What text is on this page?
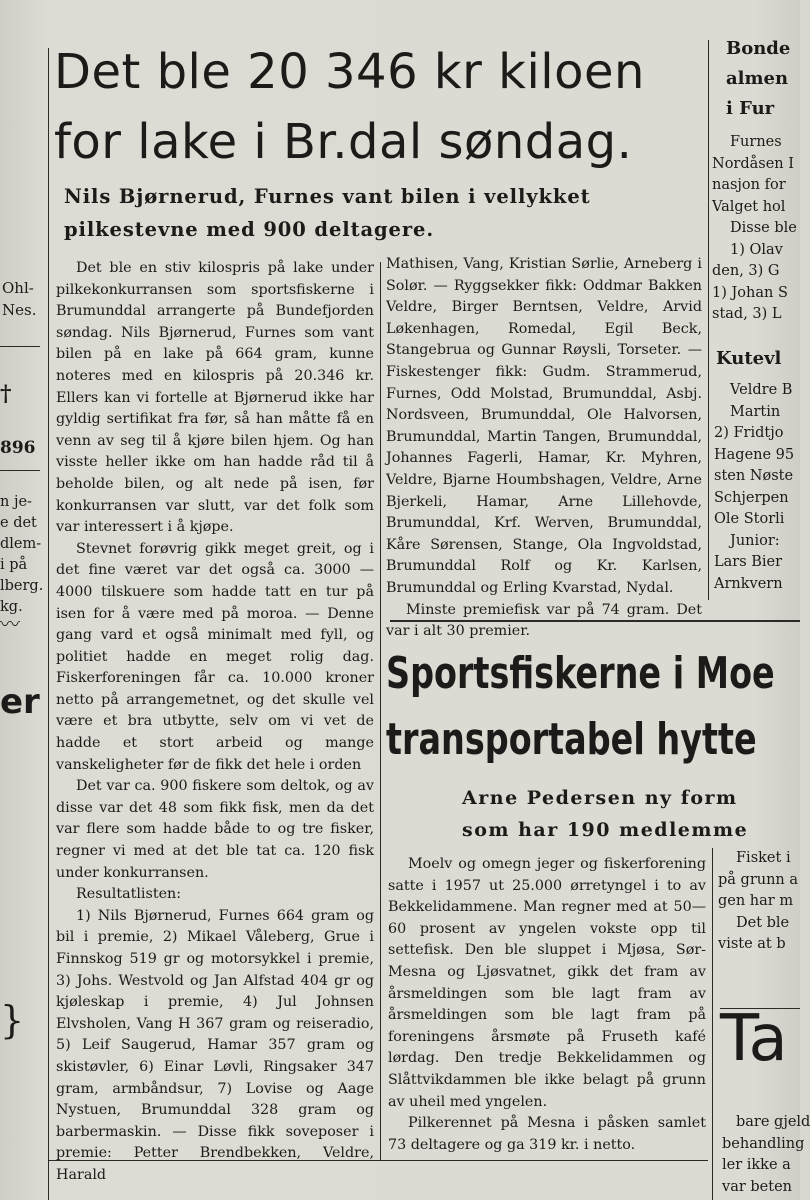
Ohl-
Nes.
†
896
n je-
e det
dlem-
i på
lberg.
kg.
〰
er
}
Det ble 20 346 kr kiloen
for lake i Br.dal søndag.
Nils Bjørnerud, Furnes vant bilen i vellykket
pilkestevne med 900 deltagere.

Det ble en stiv kilospris på lake under pilkekonkurransen som sportsfiskerne i Brumunddal arrangerte på Bundefjorden søndag. Nils Bjørnerud, Furnes som vant bilen på en lake på 664 gram, kunne noteres med en kilospris på 20.346 kr. Ellers kan vi fortelle at Bjørnerud ikke har gyldig sertifikat fra før, så han måtte få en venn av seg til å kjøre bilen hjem. Og han visste heller ikke om han hadde råd til å beholde bilen, og alt nede på isen, før konkurransen var slutt, var det folk som var interessert i å kjøpe.

Stevnet forøvrig gikk meget greit, og i det fine været var det også ca. 3000 —4000 tilskuere som hadde tatt en tur på isen for å være med på moroa. — Denne gang vard et også minimalt med fyll, og politiet hadde en meget rolig dag. Fiskerforeningen får ca. 10.000 kroner netto på arrangemetnet, og det skulle vel være et bra utbytte, selv om vi vet de hadde et stort arbeid og mange vanskeligheter før de fikk det hele i orden

Det var ca. 900 fiskere som deltok, og av disse var det 48 som fikk fisk, men da det var flere som hadde både to og tre fisker, regner vi med at det ble tat ca. 120 fisk under konkurransen.

Resultatlisten:

1) Nils Bjørnerud, Furnes 664 gram og bil i premie, 2) Mikael Våleberg, Grue i Finnskog 519 gr og motorsykkel i premie, 3) Johs. Westvold og Jan Alfstad 404 gr og kjøleskap i premie, 4) Jul Johnsen Elvsholen, Vang H 367 gram og reiseradio, 5) Leif Saugerud, Hamar 357 gram og skistøvler, 6) Einar Løvli, Ringsaker 347 gram, armbåndsur, 7) Lovise og Aage Nystuen, Brumunddal 328 gram og barbermaskin. — Disse fikk soveposer i premie: Petter Brendbekken, Veldre, Harald

Mathisen, Vang, Kristian Sørlie, Arneberg i Solør. — Ryggsekker fikk: Oddmar Bakken Veldre, Birger Berntsen, Veldre, Arvid Løkenhagen, Romedal, Egil Beck, Stangebrua og Gunnar Røysli, Torseter. — Fiskestenger fikk: Gudm. Strammerud, Furnes, Odd Molstad, Brumunddal, Asbj. Nordsveen, Brumunddal, Ole Halvorsen, Brumunddal, Martin Tangen, Brumunddal, Johannes Fagerli, Hamar, Kr. Myhren, Veldre, Bjarne Houmbshagen, Veldre, Arne Bjerkeli, Hamar, Arne Lillehovde, Brumunddal, Krf. Werven, Brumunddal, Kåre Sørensen, Stange, Ola Ingvoldstad, Brumunddal Rolf og Kr. Karlsen, Brumunddal og Erling Kvarstad, Nydal.

Minste premiefisk var på 74 gram. Det var i alt 30 premier.

Bonde
almen
i Fur
Furnes
Nordåsen I
nasjon for
Valget hol
Disse ble
1) Olav
den, 3) G
1) Johan S
stad, 3) L
Kutevl
Veldre B
Martin
2) Fridtjo
Hagene 95
sten Nøste
Schjerpen
Ole Storli
Junior:
Lars Bier
Arnkvern
Sportsfiskerne i Moe
transportabel hytte
Arne Pedersen ny form
som har 190 medlemme

Moelv og omegn jeger og fiskerforening satte i 1957 ut 25.000 ørretyngel i to av Bekkelidammene. Man regner med at 50—60 prosent av yngelen vokste opp til settefisk. Den ble sluppet i Mjøsa, Sør-Mesna og Ljøsvatnet, gikk det fram av årsmeldingen som ble lagt fram av årsmeldingen som ble lagt fram på foreningens årsmøte på Fruseth kafé lørdag. Den tredje Bekkelidammen og Slåttvikdammen ble ikke belagt på grunn av uheil med yngelen.

Pilkerennet på Mesna i påsken samlet 73 deltagere og ga 319 kr. i netto.

Fisket i
på grunn a
gen har m
Det ble
viste at b
Ta
bare gjeld
behandling
ler ikke a
var beten
